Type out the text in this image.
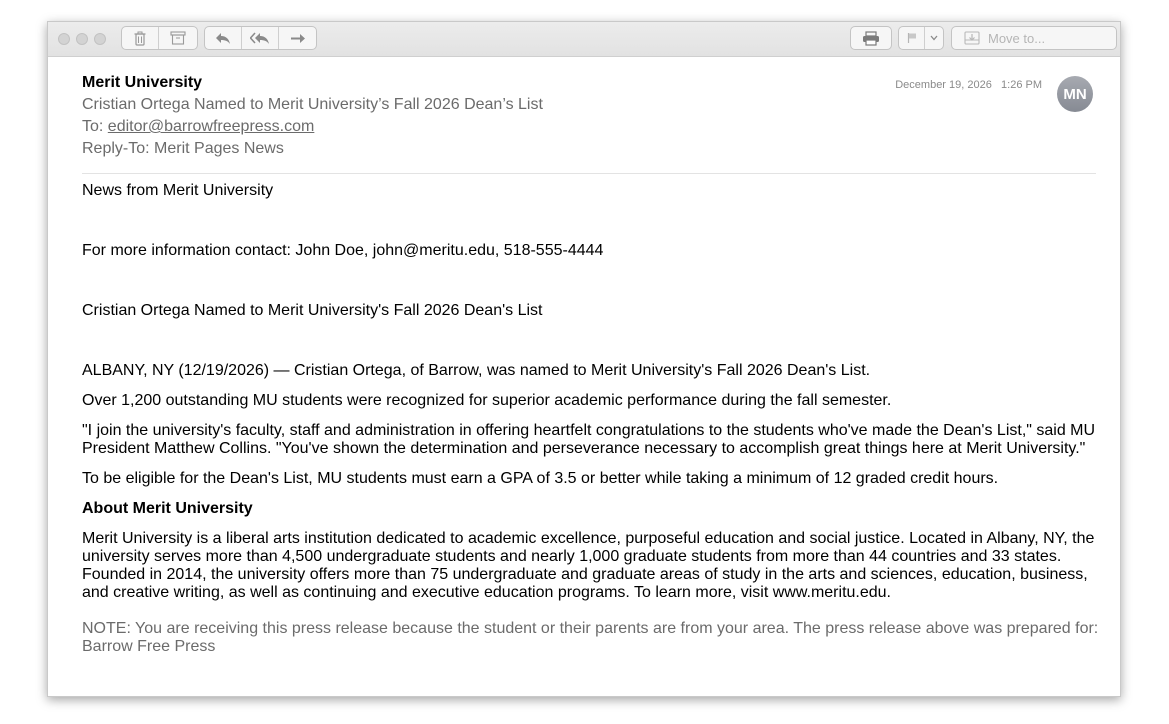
Move to...
Merit University
Cristian Ortega Named to Merit University’s Fall 2026 Dean’s List
To: editor@barrowfreepress.com
Reply-To: Merit Pages News
December 19, 2026 1:26 PM
MN

News from Merit University

For more information contact: John Doe, john@meritu.edu, 518-555-4444

Cristian Ortega Named to Merit University's Fall 2026 Dean's List

ALBANY, NY (12/19/2026) — Cristian Ortega, of Barrow, was named to Merit University's Fall 2026 Dean's List.

Over 1,200 outstanding MU students were recognized for superior academic performance during the fall semester.

"I join the university's faculty, staff and administration in offering heartfelt congratulations to the students who've made the Dean's List," said MU President Matthew Collins. "You've shown the determination and perseverance necessary to accomplish great things here at Merit University."

To be eligible for the Dean's List, MU students must earn a GPA of 3.5 or better while taking a minimum of 12 graded credit hours.

About Merit University

Merit University is a liberal arts institution dedicated to academic excellence, purposeful education and social justice. Located in Albany, NY, the university serves more than 4,500 undergraduate students and nearly 1,000 graduate students from more than 44 countries and 33 states. Founded in 2014, the university offers more than 75 undergraduate and graduate areas of study in the arts and sciences, education, business, and creative writing, as well as continuing and executive education programs. To learn more, visit www.meritu.edu.

NOTE: You are receiving this press release because the student or their parents are from your area. The press release above was prepared for: Barrow Free Press
